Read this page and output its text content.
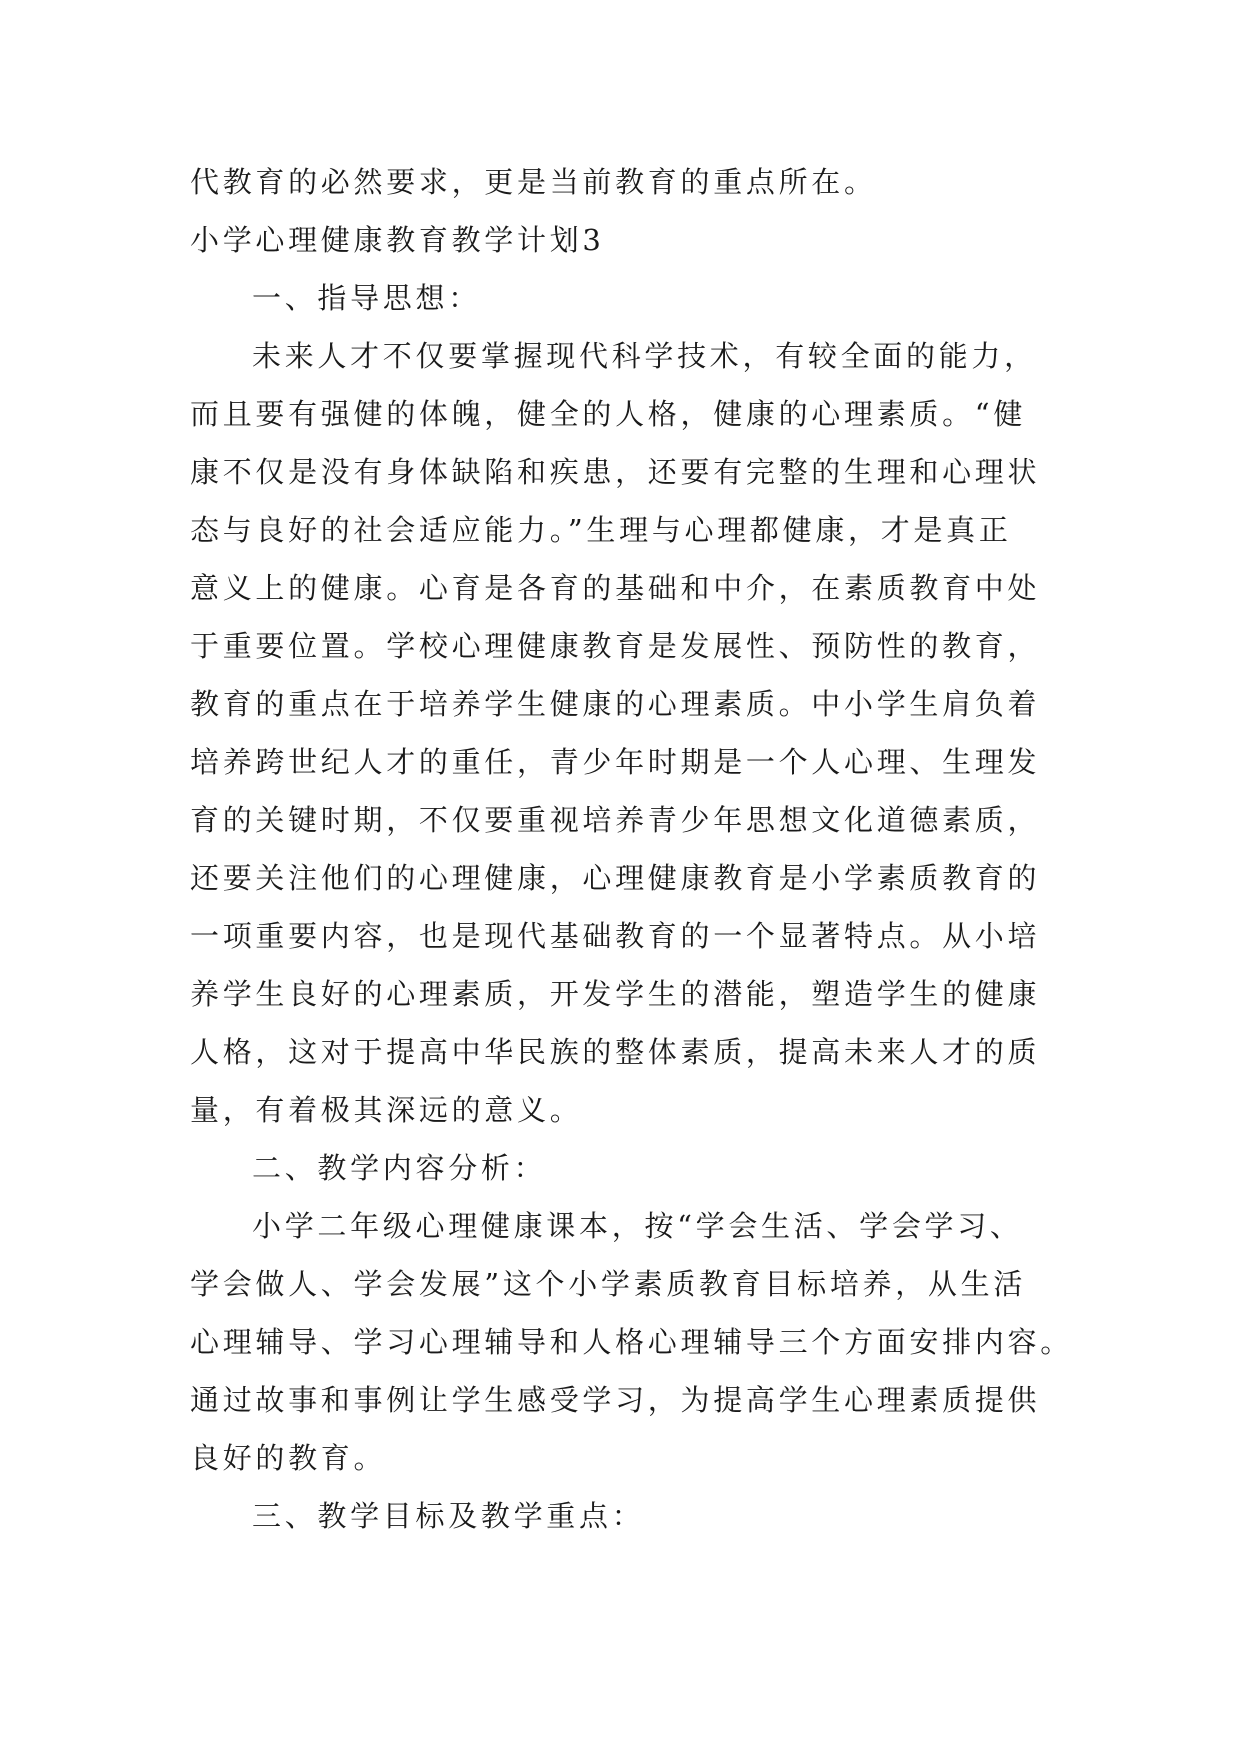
代教育的必然要求，更是当前教育的重点所在。

小学心理健康教育教学计划3

一、指导思想：

未来人才不仅要掌握现代科学技术，有较全面的能力，
而且要有强健的体魄，健全的人格，健康的心理素质。“健
康不仅是没有身体缺陷和疾患，还要有完整的生理和心理状
态与良好的社会适应能力。”生理与心理都健康，才是真正
意义上的健康。心育是各育的基础和中介，在素质教育中处
于重要位置。学校心理健康教育是发展性、预防性的教育，
教育的重点在于培养学生健康的心理素质。中小学生肩负着
培养跨世纪人才的重任，青少年时期是一个人心理、生理发
育的关键时期，不仅要重视培养青少年思想文化道德素质，
还要关注他们的心理健康，心理健康教育是小学素质教育的
一项重要内容，也是现代基础教育的一个显著特点。从小培
养学生良好的心理素质，开发学生的潜能，塑造学生的健康
人格，这对于提高中华民族的整体素质，提高未来人才的质
量，有着极其深远的意义。

二、教学内容分析：

小学二年级心理健康课本，按“学会生活、学会学习、
学会做人、学会发展”这个小学素质教育目标培养，从生活
心理辅导、学习心理辅导和人格心理辅导三个方面安排内容。
通过故事和事例让学生感受学习，为提高学生心理素质提供
良好的教育。

三、教学目标及教学重点：
